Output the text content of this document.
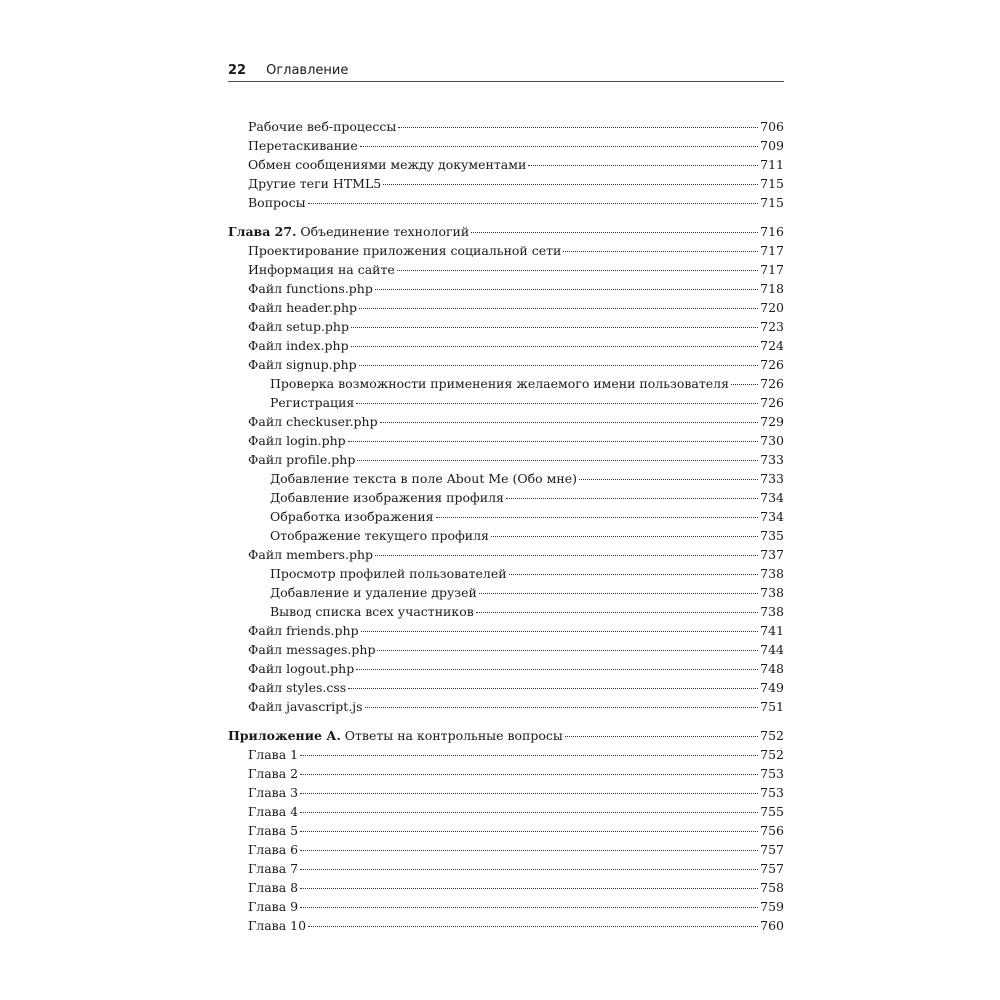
22 Оглавление
Рабочие веб-процессы	706
Перетаскивание	709
Обмен сообщениями между документами	711
Другие теги HTML5	715
Вопросы	715
Глава 27. Объединение технологий	716
Проектирование приложения социальной сети	717
Информация на сайте	717
Файл functions.php	718
Файл header.php	720
Файл setup.php	723
Файл index.php	724
Файл signup.php	726
Проверка возможности применения желаемого имени пользователя 726
Регистрация	726
Файл checkuser.php	729
Файл login.php	730
Файл profile.php	733
Добавление текста в поле About Me (Обо мне)	733
Добавление изображения профиля	734
Обработка изображения	734
Отображение текущего профиля	735
Файл members.php	737
Просмотр профилей пользователей	738
Добавление и удаление друзей	738
Вывод списка всех участников	738
Файл friends.php	741
Файл messages.php	744
Файл logout.php	748
Файл styles.css	749
Файл javascript.js	751
Приложение А. Ответы на контрольные вопросы	752
Глава 1	752
Глава 2	753
Глава 3	753
Глава 4	755
Глава 5	756
Глава 6	757
Глава 7	757
Глава 8	758
Глава 9	759
Глава 10	760
